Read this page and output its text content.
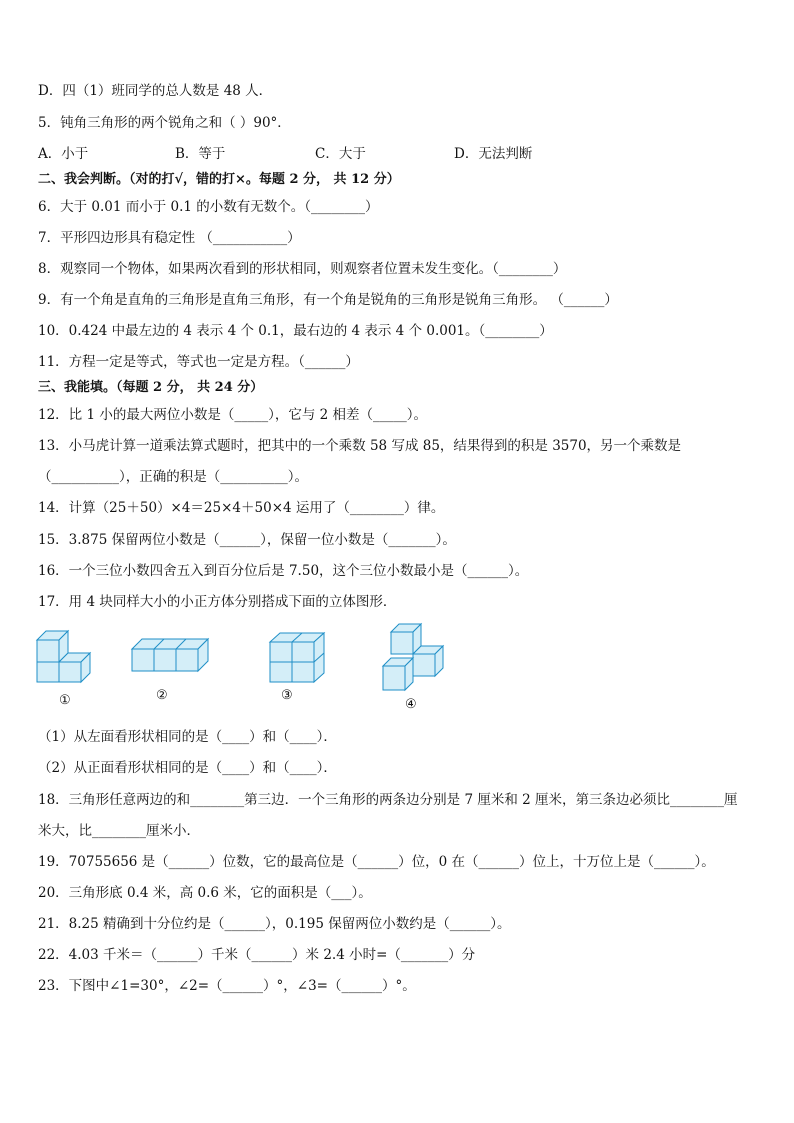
D．四（1）班同学的总人数是 48 人．
5．钝角三角形的两个锐角之和（ ）90°．
A．小于	B．等于	C．大于	D．无法判断
二、我会判断。（对的打√，错的打×。每题 2 分， 共 12 分）
6．大于 0.01 而小于 0.1 的小数有无数个。（________）
7．平形四边形具有稳定性 （___________）
8．观察同一个物体，如果两次看到的形状相同，则观察者位置未发生变化。（________）
9．有一个角是直角的三角形是直角三角形，有一个角是锐角的三角形是锐角三角形。 （______）
10．0.424 中最左边的 4 表示 4 个 0.1，最右边的 4 表示 4 个 0.001。（________）
11．方程一定是等式，等式也一定是方程。（______）
三、我能填。（每题 2 分， 共 24 分）
12．比 1 小的最大两位小数是（_____），它与 2 相差（_____）。
13．小马虎计算一道乘法算式题时，把其中的一个乘数 58 写成 85，结果得到的积是 3570，另一个乘数是
（__________），正确的积是（__________）。
14．计算（25＋50）×4＝25×4＋50×4 运用了（________）律。
15．3.875 保留两位小数是（______），保留一位小数是（_______）。
16．一个三位小数四舍五入到百分位后是 7.50，这个三位小数最小是（______）。
17．用 4 块同样大小的小正方体分别搭成下面的立体图形．
①	②	③
④
（1）从左面看形状相同的是（____）和（____）．
（2）从正面看形状相同的是（____）和（____）．
18．三角形任意两边的和________第三边．一个三角形的两条边分别是 7 厘米和 2 厘米，第三条边必须比________厘
米大，比________厘米小．
19．70755656 是（______）位数，它的最高位是（______）位，0 在（______）位上，十万位上是（______）。
20．三角形底 0.4 米，高 0.6 米，它的面积是（___）。
21．8.25 精确到十分位约是（______），0.195 保留两位小数约是（______）。
22．4.03 千米＝（______）千米（______）米 2.4 小时=（_______）分
23．下图中∠1=30°，∠2=（______）°，∠3=（______）°。
